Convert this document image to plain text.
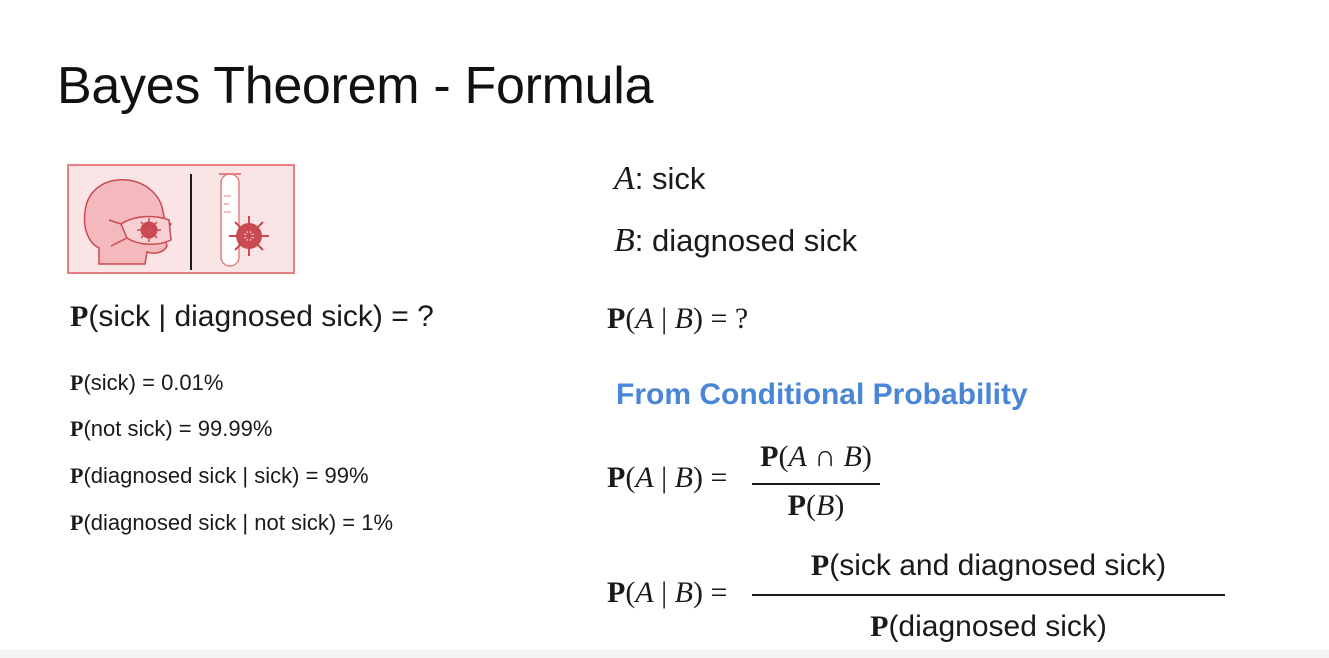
Bayes Theorem - Formula
P(sick | diagnosed sick) = ?
P(sick) = 0.01%
P(not sick) = 99.99%
P(diagnosed sick | sick) = 99%
P(diagnosed sick | not sick) = 1%
A: sick
B: diagnosed sick
P(A | B) = ?
From Conditional Probability
P(A | B) =
P(A ∩ B)
P(B)
P(A | B) =
P(sick and diagnosed sick)
P(diagnosed sick)
